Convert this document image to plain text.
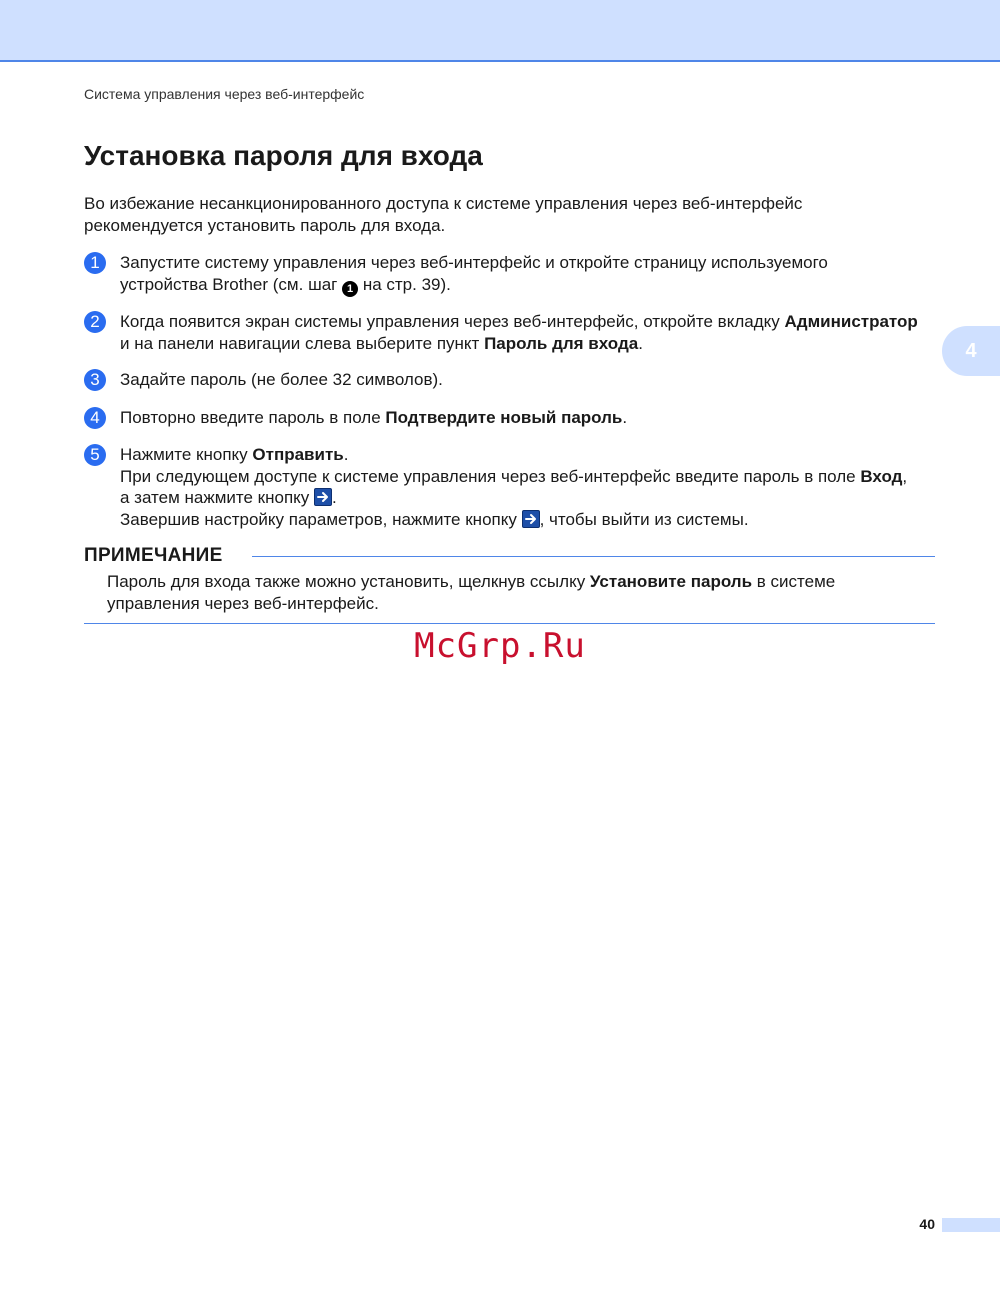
Система управления через веб-интерфейс
4
Установка пароля для входа
Во избежание несанкционированного доступа к системе управления через веб-интерфейс
рекомендуется установить пароль для входа.
1	Запустите систему управления через веб-интерфейс и откройте страницу используемого

устройства Brother (см. шаг 1 на стр. 39).

2	Когда появится экран системы управления через веб-интерфейс, откройте вкладку Администратор

и на панели навигации слева выберите пункт Пароль для входа.

3	Задайте пароль (не более 32 символов).

4	Повторно введите пароль в поле Подтвердите новый пароль.

5	Нажмите кнопку Отправить.

При следующем доступе к системе управления через веб-интерфейс введите пароль в поле Вход,

а затем нажмите кнопку
.

Завершив настройку параметров, нажмите кнопку
, чтобы выйти из системы.

ПРИМЕЧАНИЕ
Пароль для входа также можно установить, щелкнув ссылку Установите пароль в системе
управления через веб-интерфейс.
McGrp.Ru
40
